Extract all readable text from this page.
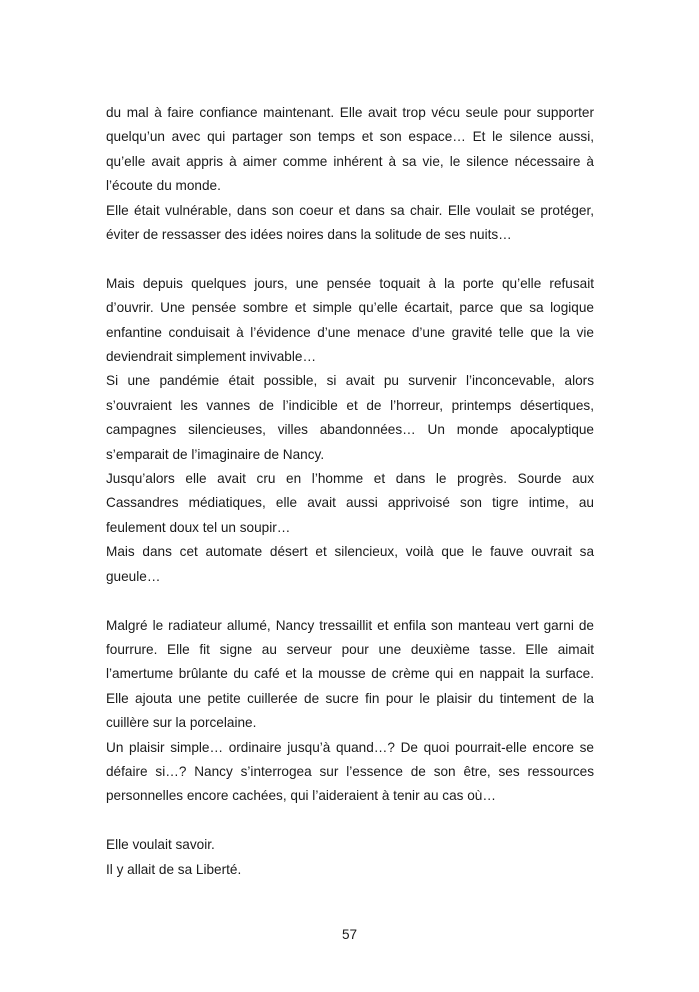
du mal à faire confiance maintenant. Elle avait trop vécu seule pour supporter quelqu’un avec qui partager son temps et son espace… Et le silence aussi, qu’elle avait appris à aimer comme inhérent à sa vie, le silence nécessaire à l’écoute du monde.

Elle était vulnérable, dans son coeur et dans sa chair. Elle voulait se protéger, éviter de ressasser des idées noires dans la solitude de ses nuits…

Mais depuis quelques jours, une pensée toquait à la porte qu’elle refusait d’ouvrir. Une pensée sombre et simple qu’elle écartait, parce que sa logique enfantine conduisait à l’évidence d’une menace d’une gravité telle que la vie deviendrait simplement invivable…

Si une pandémie était possible, si avait pu survenir l’inconcevable, alors s’ouvraient les vannes de l’indicible et de l’horreur, printemps désertiques, campagnes silencieuses, villes abandonnées… Un monde apocalyptique s’emparait de l’imaginaire de Nancy.

Jusqu’alors elle avait cru en l’homme et dans le progrès. Sourde aux Cassandres médiatiques, elle avait aussi apprivoisé son tigre intime, au feulement doux tel un soupir…

Mais dans cet automate désert et silencieux, voilà que le fauve ouvrait sa gueule…

Malgré le radiateur allumé, Nancy tressaillit et enfila son manteau vert garni de fourrure. Elle fit signe au serveur pour une deuxième tasse. Elle aimait l’amertume brûlante du café et la mousse de crème qui en nappait la surface. Elle ajouta une petite cuillerée de sucre fin pour le plaisir du tintement de la cuillère sur la porcelaine.

Un plaisir simple… ordinaire jusqu’à quand…? De quoi pourrait-elle encore se défaire si…? Nancy s’interrogea sur l’essence de son être, ses ressources personnelles encore cachées, qui l’aideraient à tenir au cas où…

Elle voulait savoir.

Il y allait de sa Liberté.

57
